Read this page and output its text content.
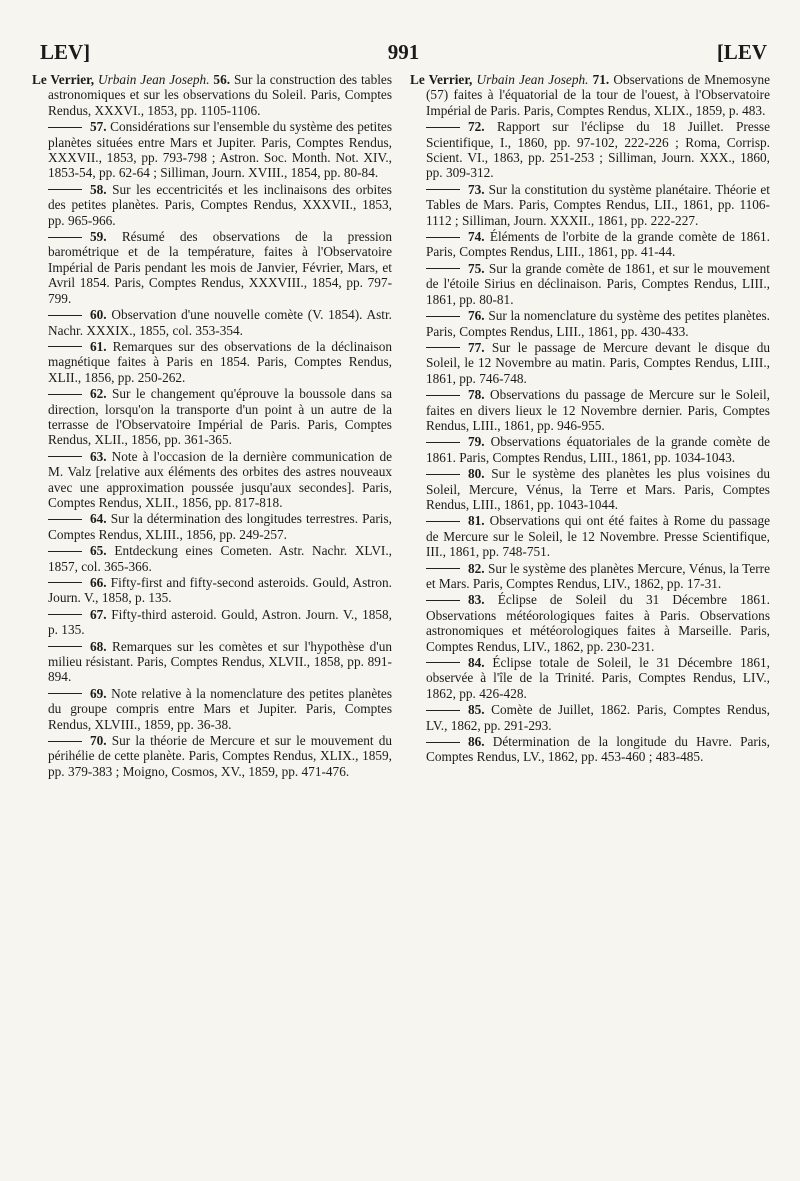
LEV]	991	[LEV

Le Verrier, Urbain Jean Joseph. 56. Sur la construction des tables astronomiques et sur les observations du Soleil. Paris, Comptes Rendus, XXXVI., 1853, pp. 1105-1106.

57. Considérations sur l'ensemble du système des petites planètes situées entre Mars et Jupiter. Paris, Comptes Rendus, XXXVII., 1853, pp. 793-798 ; Astron. Soc. Month. Not. XIV., 1853-54, pp. 62-64 ; Silliman, Journ. XVIII., 1854, pp. 80-84.

58. Sur les eccentricités et les inclinaisons des orbites des petites planètes. Paris, Comptes Rendus, XXXVII., 1853, pp. 965-966.

59. Résumé des observations de la pression barométrique et de la température, faites à l'Observatoire Impérial de Paris pendant les mois de Janvier, Février, Mars, et Avril 1854. Paris, Comptes Rendus, XXXVIII., 1854, pp. 797-799.

60. Observation d'une nouvelle comète (V. 1854). Astr. Nachr. XXXIX., 1855, col. 353-354.

61. Remarques sur des observations de la déclinaison magnétique faites à Paris en 1854. Paris, Comptes Rendus, XLII., 1856, pp. 250-262.

62. Sur le changement qu'éprouve la boussole dans sa direction, lorsqu'on la transporte d'un point à un autre de la terrasse de l'Observatoire Impérial de Paris. Paris, Comptes Rendus, XLII., 1856, pp. 361-365.

63. Note à l'occasion de la dernière communication de M. Valz [relative aux éléments des orbites des astres nouveaux avec une approximation poussée jusqu'aux secondes]. Paris, Comptes Rendus, XLII., 1856, pp. 817-818.

64. Sur la détermination des longitudes terrestres. Paris, Comptes Rendus, XLIII., 1856, pp. 249-257.

65. Entdeckung eines Cometen. Astr. Nachr. XLVI., 1857, col. 365-366.

66. Fifty-first and fifty-second asteroids. Gould, Astron. Journ. V., 1858, p. 135.

67. Fifty-third asteroid. Gould, Astron. Journ. V., 1858, p. 135.

68. Remarques sur les comètes et sur l'hypothèse d'un milieu résistant. Paris, Comptes Rendus, XLVII., 1858, pp. 891-894.

69. Note relative à la nomenclature des petites planètes du groupe compris entre Mars et Jupiter. Paris, Comptes Rendus, XLVIII., 1859, pp. 36-38.

70. Sur la théorie de Mercure et sur le mouvement du périhélie de cette planète. Paris, Comptes Rendus, XLIX., 1859, pp. 379-383 ; Moigno, Cosmos, XV., 1859, pp. 471-476.

Le Verrier, Urbain Jean Joseph. 71. Observations de Mnemosyne (57) faites à l'équatorial de la tour de l'ouest, à l'Observatoire Impérial de Paris. Paris, Comptes Rendus, XLIX., 1859, p. 483.

72. Rapport sur l'éclipse du 18 Juillet. Presse Scientifique, I., 1860, pp. 97-102, 222-226 ; Roma, Corrisp. Scient. VI., 1863, pp. 251-253 ; Silliman, Journ. XXX., 1860, pp. 309-312.

73. Sur la constitution du système planétaire. Théorie et Tables de Mars. Paris, Comptes Rendus, LII., 1861, pp. 1106-1112 ; Silliman, Journ. XXXII., 1861, pp. 222-227.

74. Éléments de l'orbite de la grande comète de 1861. Paris, Comptes Rendus, LIII., 1861, pp. 41-44.

75. Sur la grande comète de 1861, et sur le mouvement de l'étoile Sirius en déclinaison. Paris, Comptes Rendus, LIII., 1861, pp. 80-81.

76. Sur la nomenclature du système des petites planètes. Paris, Comptes Rendus, LIII., 1861, pp. 430-433.

77. Sur le passage de Mercure devant le disque du Soleil, le 12 Novembre au matin. Paris, Comptes Rendus, LIII., 1861, pp. 746-748.

78. Observations du passage de Mercure sur le Soleil, faites en divers lieux le 12 Novembre dernier. Paris, Comptes Rendus, LIII., 1861, pp. 946-955.

79. Observations équatoriales de la grande comète de 1861. Paris, Comptes Rendus, LIII., 1861, pp. 1034-1043.

80. Sur le système des planètes les plus voisines du Soleil, Mercure, Vénus, la Terre et Mars. Paris, Comptes Rendus, LIII., 1861, pp. 1043-1044.

81. Observations qui ont été faites à Rome du passage de Mercure sur le Soleil, le 12 Novembre. Presse Scientifique, III., 1861, pp. 748-751.

82. Sur le système des planètes Mercure, Vénus, la Terre et Mars. Paris, Comptes Rendus, LIV., 1862, pp. 17-31.

83. Éclipse de Soleil du 31 Décembre 1861. Observations météorologiques faites à Paris. Observations astronomiques et météorologiques faites à Marseille. Paris, Comptes Rendus, LIV., 1862, pp. 230-231.

84. Éclipse totale de Soleil, le 31 Décembre 1861, observée à l'île de la Trinité. Paris, Comptes Rendus, LIV., 1862, pp. 426-428.

85. Comète de Juillet, 1862. Paris, Comptes Rendus, LV., 1862, pp. 291-293.

86. Détermination de la longitude du Havre. Paris, Comptes Rendus, LV., 1862, pp. 453-460 ; 483-485.
